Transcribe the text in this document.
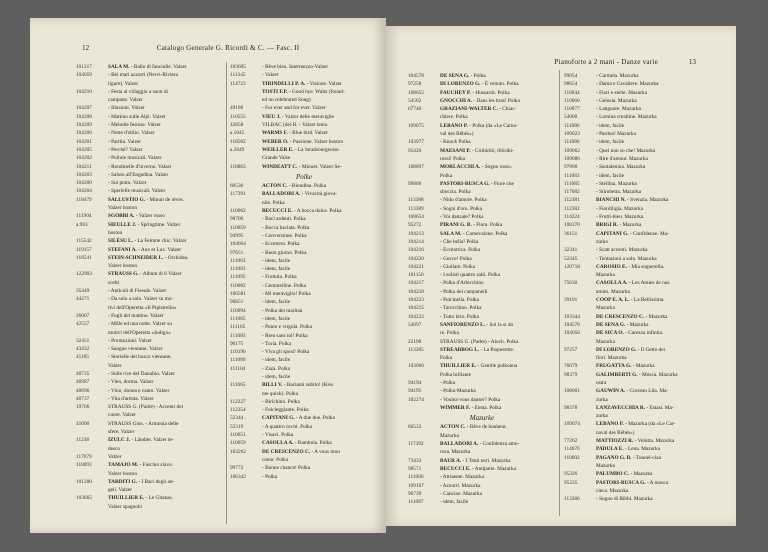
12	Catalogo Generale G. Ricordi & C. — Fasc. II
101217	SALA M. - Ballo di fanciulle. Valzer
104059	- Bei mari azzurri (Nervi-Riviera
ligure). Valzer
104210	- Festa al villaggio a suon di
campane. Valzer
104207	- Illusioni. Valzer
104208	- Mattino sulle Alpi. Valzer
104209	- Melodie festose. Valzer
104206	- Notte d'oblio. Valzer
104201	- Partita. Valzer
104205	- Perchè? Valzer
104202	- Pullule musicali. Valzer
104211	- Rondinelle d'inverno. Valzer
104203	- Saluto all'Engadina. Valzer
104200	- Sul prato. Valzer
104204	- Sperielle musicali. Valzer
118479	SALLUSTIO G. - Minuit de rêves.
Valzer boston
111904	SGOBBI A. - Valzer rosso
a.963	SIEULLE J. - Springtime. Valzer
boston
115542	SILÉSU L. - La Femme chic. Valzer
119157	STEFANI A. - Aux et Lux. Valzer
118541	STEIN-SCHNEIDER L. - Orchidea.
Valzer boston
122903	STRAUSS G. - Album di 6 Valzer
scelti
35449	- Anticoli di Fiesole. Valzer
44271	- Da solo a solo. Valzer su mo-
tivi dell'Operetta «Il Pipistrello»
26067	- Fogli del mattino. Valzer
42557	- Mille ed una notte. Valzer su
motivi dell'Operetta «Indigo»
32451	- Promozioni. Valzer
43432	- Sangue viennese. Valzer
41185	- Storielle del bosco viennese.
Valzer
40735	- Sulle rive del Danubio. Valzer
40987	- Vien, dorma. Valzer
40896	- Vino, donna e canto. Valzer
40737	- Vita d'artista. Valzer
19706	STRAUSS G. (Padre) - Accenti del
cuore. Valzer
41090	STRAUSS Gius. - Armonia delle
sfere. Valzer
11238	IZULC J. - Ländler. Valzer te-
desco
117679	Valzer
110093	TAMAJO M. - Fascino slavo.
Valzer boston
101280	TARDITI G. - I Baci degli an-
geli. Valzer
103665	THUILLIER E. - Le Gitanas.
Valzer spagnolo
103605	- Rêve bleu. Intermezzo-Valzer
111345	- Valzer
114723	TIRINDELLI P. A. - Visione. Valzer
TOSTI F.P. - Good bye. Waltz (found-
ed on celebrated Song)
49180	- For ever and for ever. Valzer
110555	VIEU J. - Valzer delle meraviglie
42858	VILBAC (de) R. - Valzer lento
a.1045	WARMS F. - Blue bird. Valzer
118582	WEBER O. - Passione. Valzer boston
a.2049	WEILLER E. - La Strasbourgeoise.
Grande Valse
118863	WINDEATT C. - Minuet. Valzer Se-
Polke
60530	ACTON C. - Biondina. Polka
117391	BALLADORI A. - Vivacità giova-
nile. Polka
110062	BECUCCI E. - A bocca dolce. Polka
98700	- Baci ardenti. Polka
110059	- Bocca baciata. Polka
94995	- Conversione. Polka
104664	- Eccettera. Polka
97651	- Buon giorno. Polka
111063	- idem, facile
111083	- idem, facile
111095	- Frottola. Polka
110082	- Gemmelline. Polka
106581	- Mi meraviglio! Polka
90851	- idem, facile
110094	- Polka dei marinai
111085	- idem, facile
111105	- Punto e virgola. Polka
111083	- Rien sans toi! Polka
96175	- Turia. Polka
110190	- Viva gli sposi! Polka
111086	- idem, facile
111104	- Zazà. Polka
- idem, facile
111665	BILLI V. - Baciami subito! (Kiss
me quick). Polka
112227	- Birichino. Polka
112254	- Folcleggiante. Polka
52344	CAPITANI G. - A due due. Polka
52319	- A quattro occhi. Polka
110051	- Visavi. Polka
110059	CASOLLA A. - Bambola. Polka
103262	DE CRESCENZO C. - A vous mon
coeur. Polka
99772	- Bonne chance! Polka
106342	- Polka
Pianoforte a 2 mani - Danze varie	13
104578	DE SENA G. - Polka
97258	DI LORENZO G. - È venuto. Polka
108655	FAUCHEY P. - Hussards. Polka
54562	GNOCCHI A. - Dans les bras! Polka
67746	GRAZIANI-WALTER C. - Chiac-
chiere. Polka
109075	LEBANO P. - Polka (da «Le Carna-
val des Bêbés»)
103977	- Knock Polka
95420	MAESANI P. - Ciribiribì, ribiribì-
rossi! Polka
108897	MORLACCHI A. - Sogno rosso.
Polka
99806	PASTORI-RUSCA G. - Fiore che
sboccia. Polka
113388	- Nido d'amore. Polka
113389	- Sogni d'oro. Polka
108654	- Voi danzate? Polka
95272	PIRANI G. B. - Flora. Polka
104213	SALA M. - Carnevalone. Polka
104214	- Che bella! Polka
104216	- Eccentrica. Polka
104220	- Gocce! Polka
104221	- Giullare. Polka
101150	- I solisti quattro salti. Polka
104217	- Polka d'Arlecchino
104218	- Polka dei campanelli
104223	- Pulcinella. Polka
104215	- Tarocchino. Polka
104222	- Tutto brio. Polka
54097	SANFIORENZO L. - Sol la si do
re. Polka
22190	STRAUSS G. (Padre) - Aloch. Polka
113385	STREABBOG L. - La Paquerette.
Polka
103666	THUILLIER E. - Gentile polkonna
Polka brillante
94194	- Polka
94195	- Polka-Mazurka
102274	- Voulez-vous danser? Polka
WIMMER F. - Elena. Polka
Mazurke
60533	ACTON C. - Rêve de bonheur.
Mazurka
117392	BALLADORI A. - Confidenza amo-
rosa. Mazurka
73433	BAUR A. - I Tenti neri. Mazurka
98571	BECUCCI E. - Antipatie. Mazurka
111006	- Attraente. Mazurka
109167	- Azzurri. Mazurka
96739	- Cancioe. Mazurka
111087	- idem, facile
99054	- Carmela. Mazurka
98654	- Dama e Cavaliere. Mazurka
110044	- Fiori e stelle. Mazurka
110060	- Gelosia. Mazurka
110077	- Languore. Mazurka
54060	- Lumina crealline. Mazurka
111086	- idem, facile
109023	- Pardon! Mazurka
111080	- idem, facile
109062	- Quel non so che! Mazurka
109086	- Rire d'amour. Mazurka
97868	- Santalenina. Mazurka
111083	- idem, facile
111085	- Stellina. Mazurka
117682	- Stirobetta. Mazurka
112381	BIANCHI N. - Svenzia. Mazurka
112382	- Fiordiligia. Mazurka
114224	- Frutti-bleu. Mazurka
108370	BRIGI R. - Mazurka
36151	CAPITANI G. - Confidenze. Ma-
zurka
32341	- Scatt accenti. Mazurka
52345	- Tentazioni a solo. Mazurka
120718	CAROSIO E. - Mia sognerella.
Mazurka
75630	CASOLLA A. - Les Amies de nos
amies. Mazurka
39101	COOP E. A. L. - La Bellissima.
Mazurka
103344	DE CRESCENZO C. - Mazurka
104576	DE SENA G. - Mazurka
104056	DE SICA O. - Carezza infinita.
Mazurka
97257	DI LORENZO G. - Il Getto dei
fiori. Mazurka
76679	FRUGATTA G. - Mazurka
98379	GALIMBERTI G. - Mosca. Mazurka
ostra
108001	GAUWIN A. - Cocteau Lila. Ma-
zurka
98378	LANZAVECCHIA R. - Estasi. Ma-
zurka
109074	LEBANO P. - Mazurka (da «Le Car-
naval des Bébés»)
77262	MATTIOZZI R. - Volutta. Mazurka
114670	PADULA E. - Lena. Mazurka
110002	PAGANO G. B. - Tunnel-ciao.
Mazurka
95326	PALUMBO C. - Mazurka
95335	PASTORI-RUSCA G. - A mosca
cieca. Mazurka
113386	- Sogno di Bibbi. Mazurka
